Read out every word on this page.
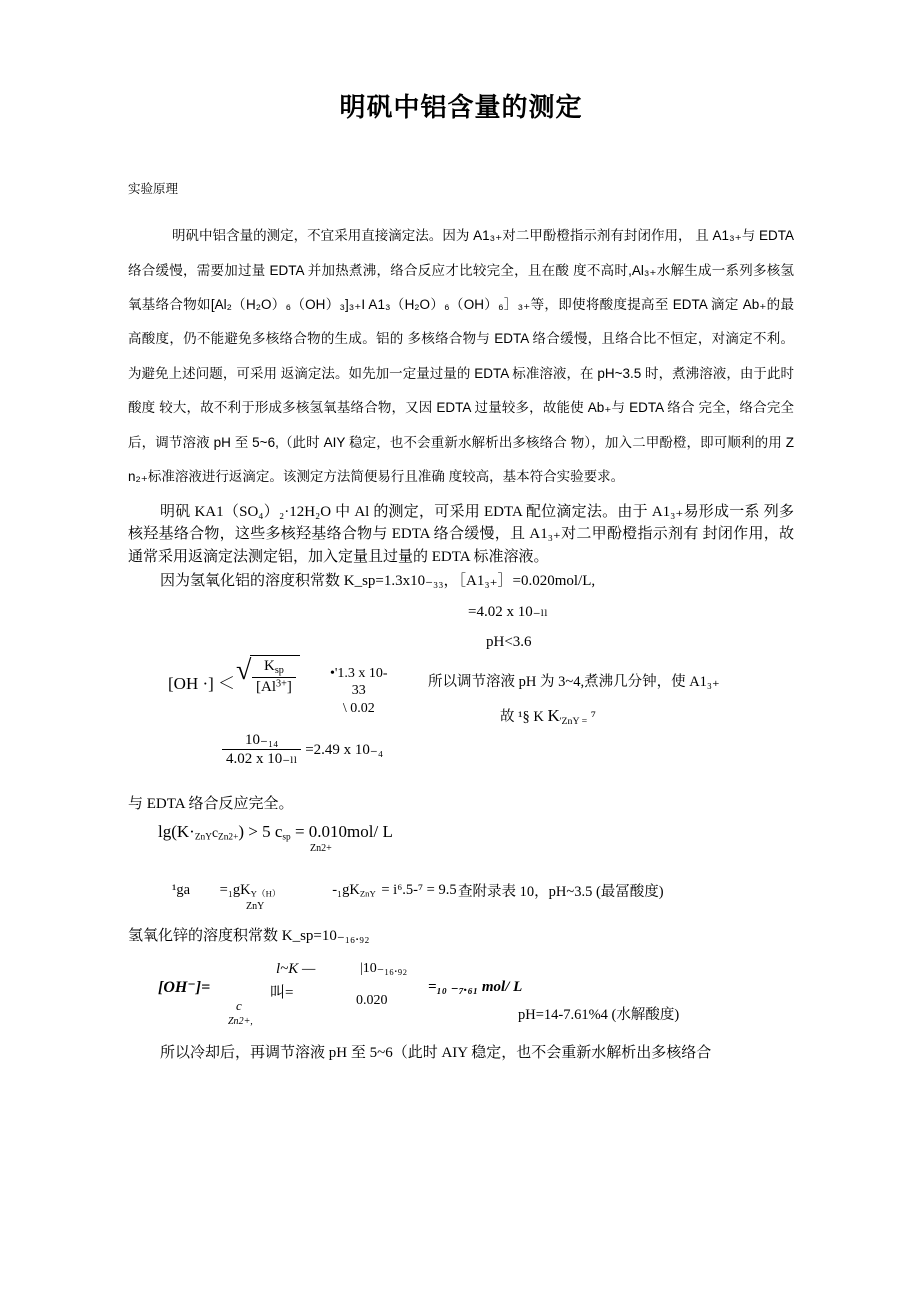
明矾中铝含量的测定
实验原理

明矾中铝含量的测定，不宜采用直接滴定法。因为 A1₃₊对二甲酚橙指示剂有封闭作用， 且 A1₃₊与 EDTA 络合缓慢，需要加过量 EDTA 并加热煮沸，络合反应才比较完全，且在酸 度不高时,Al₃₊水解生成一系列多核氢氧基络合物如[Al₂（H₂O）₆（OH）₃]₃₊I A1₃（H₂O）₆（OH）₆］₃₊等，即使将酸度提高至 EDTA 滴定 Ab₊的最高酸度，仍不能避免多核络合物的生成。铝的 多核络合物与 EDTA 络合缓慢，且络合比不恒定，对滴定不利。为避免上述问题，可采用 返滴定法。如先加一定量过量的 EDTA 标准溶液，在 pH~3.5 时，煮沸溶液，由于此时酸度 较大，故不利于形成多核氢氧基络合物，又因 EDTA 过量较多，故能使 Ab₊与 EDTA 络合 完全，络合完全后，调节溶液 pH 至 5~6,（此时 AIY 稳定，也不会重新水解析出多核络合 物），加入二甲酚橙，即可顺利的用 Zn₂₊标准溶液进行返滴定。该测定方法简便易行且准确 度较高，基本符合实验要求。

明矾 KA1（SO₄）₂·12H₂O 中 Al 的测定，可采用 EDTA 配位滴定法。由于 A1₃₊易形成一系 列多核羟基络合物，这些多核羟基络合物与 EDTA 络合缓慢，且 A1₃₊对二甲酚橙指示剂有 封闭作用，故通常采用返滴定法测定铝，加入定量且过量的 EDTA 标准溶液。

因为氢氧化铝的溶度积常数 K_sp=1.3x10₋₃₃，［A1₃₊］=0.020mol/L,

=4.02 x 10₋ₗₗ
pH<3.6
[OH ·] ＜ √ $\frac{K_{sp}}{[Al^{3+}]}$ •'1.3 x 10-
33
\ 0.02
所以调节溶液 pH 为 3~4,煮沸几分钟，使 A1₃₊
故 ¹§ K $K_{'ZnY =}$ ⁷
$\frac{\text{10₋₁₄}}{\text{4.02 x 10₋ₗₗ}} =2.49$ x 10₋₄

与 EDTA 络合反应完全。

$\lg(K\cdot_{ZnY}c_{Zn2+}) > 5$ $c_{sp} = 0.010mol/$ L
Zn2+
$^1ga =_1gK_{Y(H)}$	$-_1gK_{ZnY} = i^6.5-^7 = 9.5$
ZnY
查附录表 10，pH~3.5 (最冨酸度)

氢氧化锌的溶度积常数 K_sp=10₋₁₆.₉₂

[OH⁻]=
c
Zn2+,
l~K —	|10₋₁₆.₉₂
叫=	0.020
=₁₀ ₋₇.₆₁ mol/ L
pH=14-7.61%4 (水解酸度)

所以冷却后，再调节溶液 pH 至 5~6（此时 AIY 稳定，也不会重新水解析出多核络合
